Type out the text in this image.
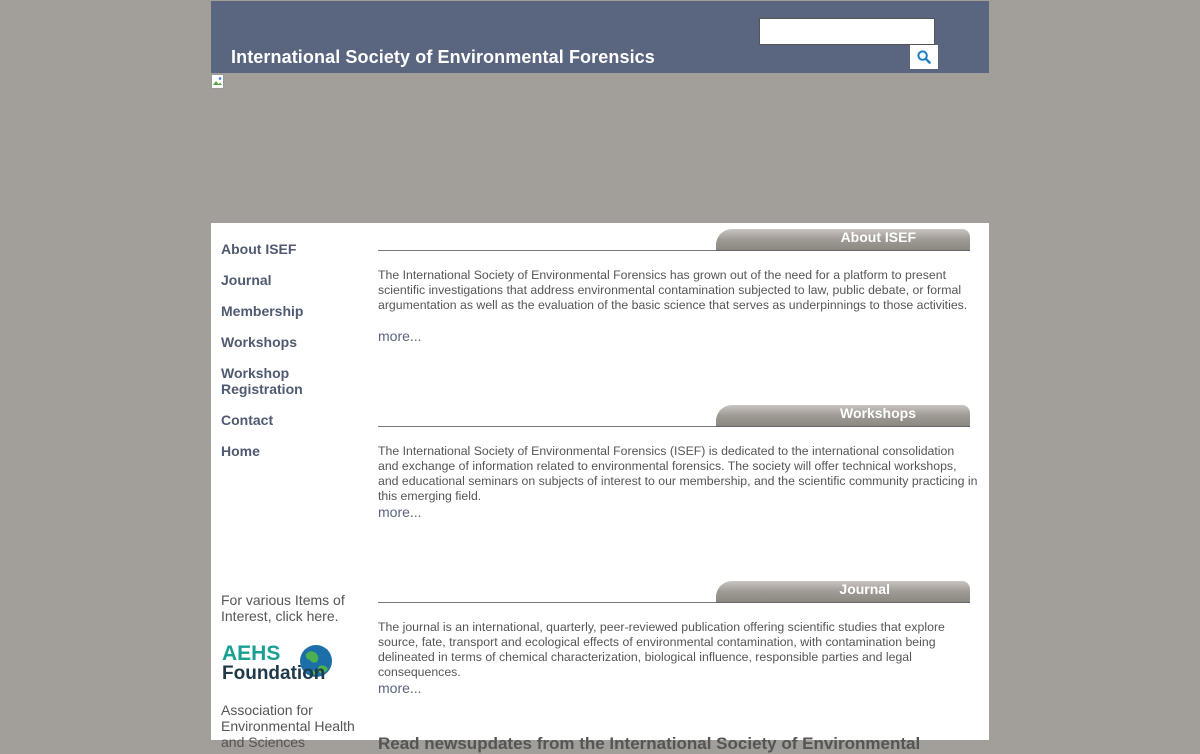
International Society of Environmental Forensics
About ISEF
Journal
Membership
Workshops
Workshop Registration
Contact
Home
For various Items of Interest, click here.
AEHS
Foundation
Association for Environmental Health and Sciences
About ISEF
The International Society of Environmental Forensics has grown out of the need for a platform to present scientific investigations that address environmental contamination subjected to law, public debate, or formal argumentation as well as the evaluation of the basic science that serves as underpinnings to those activities.
more...
Workshops
The International Society of Environmental Forensics (ISEF) is dedicated to the international consolidation and exchange of information related to environmental forensics. The society will offer technical workshops, and educational seminars on subjects of interest to our membership, and the scientific community practicing in this emerging field.
more...
Journal
The journal is an international, quarterly, peer-reviewed publication offering scientific studies that explore source, fate, transport and ecological effects of environmental contamination, with contamination being delineated in terms of chemical characterization, biological influence, responsible parties and legal consequences.
more...
Read newsupdates from the International Society of Environmental
